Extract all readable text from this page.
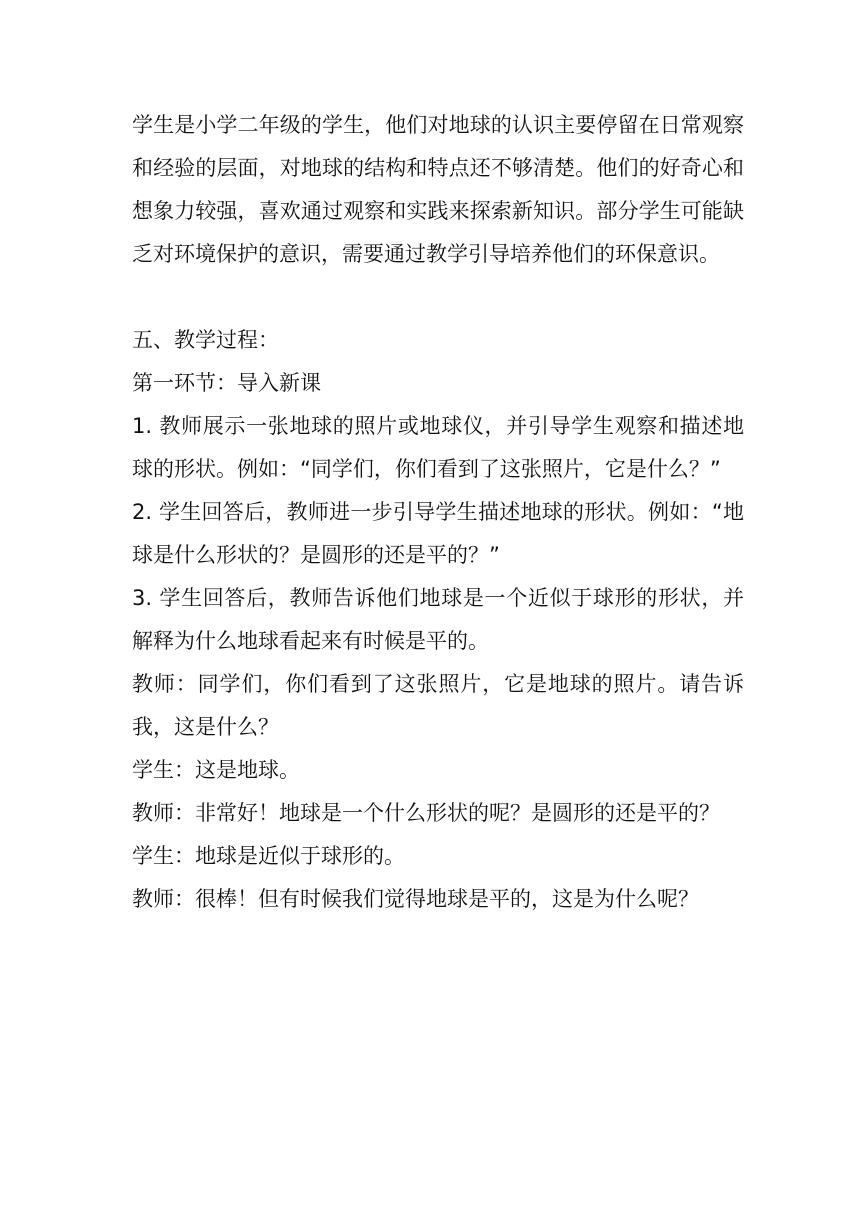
学生是小学二年级的学生，他们对地球的认识主要停留在日常观察和经验的层面，对地球的结构和特点还不够清楚。他们的好奇心和想象力较强，喜欢通过观察和实践来探索新知识。部分学生可能缺乏对环境保护的意识，需要通过教学引导培养他们的环保意识。

五、教学过程：

第一环节：导入新课

1. 教师展示一张地球的照片或地球仪，并引导学生观察和描述地球的形状。例如：“同学们，你们看到了这张照片，它是什么？”

2. 学生回答后，教师进一步引导学生描述地球的形状。例如：“地球是什么形状的？是圆形的还是平的？”

3. 学生回答后，教师告诉他们地球是一个近似于球形的形状，并解释为什么地球看起来有时候是平的。

教师：同学们，你们看到了这张照片，它是地球的照片。请告诉我，这是什么？

学生：这是地球。

教师：非常好！地球是一个什么形状的呢？是圆形的还是平的？

学生：地球是近似于球形的。

教师：很棒！但有时候我们觉得地球是平的，这是为什么呢？
